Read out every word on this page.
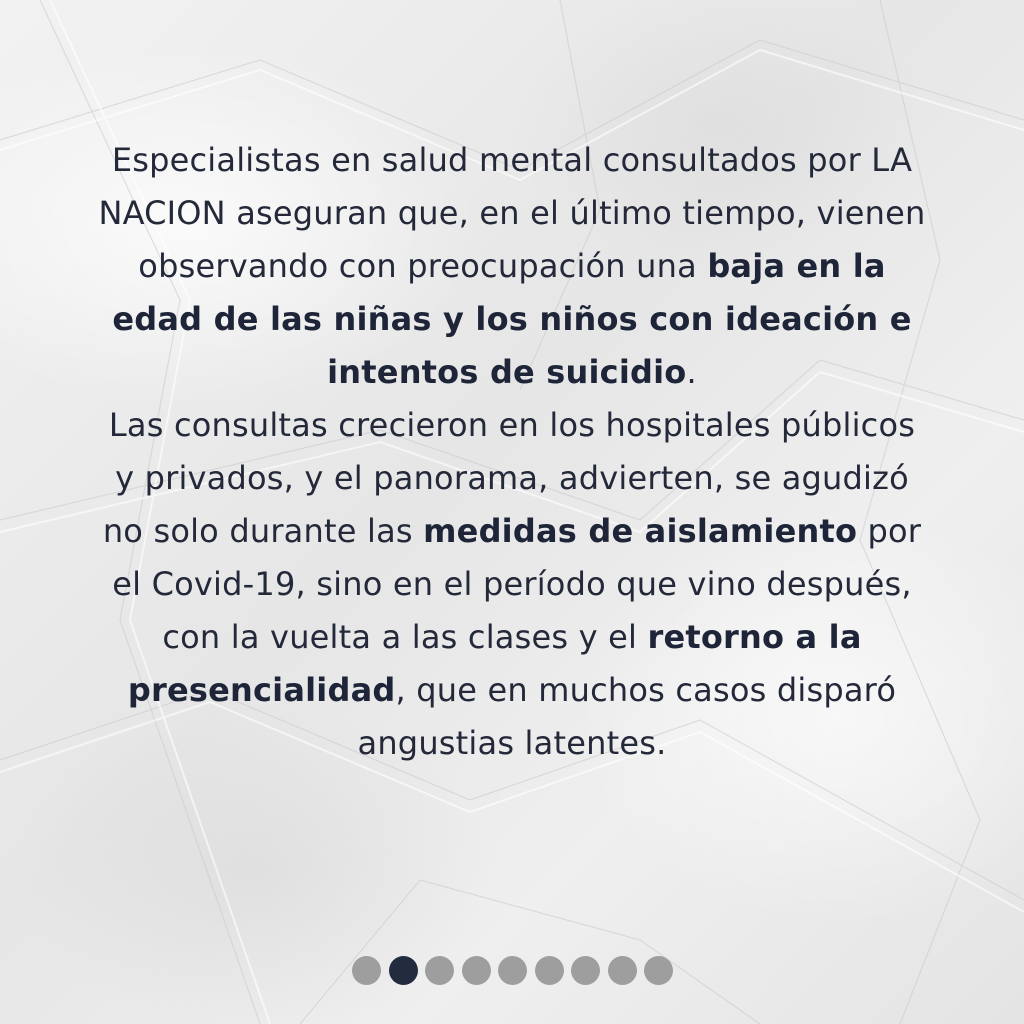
Especialistas en salud mental consultados por LA NACION aseguran que, en el último tiempo, vienen observando con preocupación una baja en la edad de las niñas y los niños con ideación e intentos de suicidio.
Las consultas crecieron en los hospitales públicos y privados, y el panorama, advierten, se agudizó no solo durante las medidas de aislamiento por el Covid-19, sino en el período que vino después, con la vuelta a las clases y el retorno a la presencialidad, que en muchos casos disparó angustias latentes.
